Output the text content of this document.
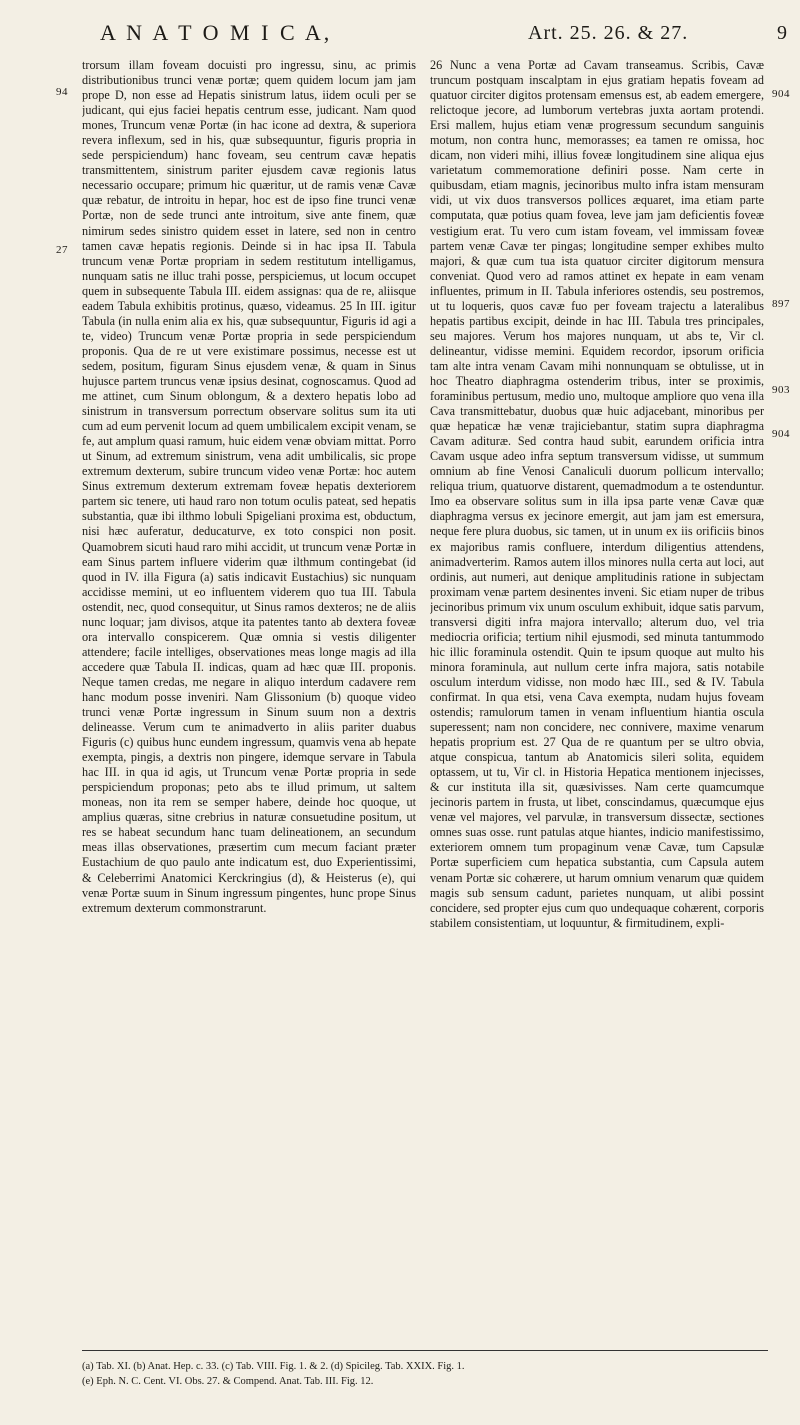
A N A T O M I C A,	Art. 25. 26. & 27.	9
94
27
904
897
903
904

trorsum illam foveam docuisti pro ingressu, sinu, ac primis distributionibus trunci venæ portæ; quem quidem locum jam jam prope D, non esse ad Hepatis sinistrum latus, iidem oculi per se judicant, qui ejus faciei hepatis centrum esse, judicant. Nam quod mones, Truncum venæ Portæ (in hac icone ad dextra, & superiora revera inflexum, sed in his, quæ subsequuntur, figuris propria in sede perspiciendum) hanc foveam, seu centrum cavæ hepatis transmittentem, sinistrum pariter ejusdem cavæ regionis latus necessario occupare; primum hic quæritur, ut de ramis venæ Cavæ quæ rebatur, de introitu in hepar, hoc est de ipso fine trunci venæ Portæ, non de sede trunci ante introitum, sive ante finem, quæ nimirum sedes sinistro quidem esset in latere, sed non in centro tamen cavæ hepatis regionis. Deinde si in hac ipsa II. Tabula truncum venæ Portæ propriam in sedem restitutum intelligamus, nunquam satis ne illuc trahi posse, perspiciemus, ut locum occupet quem in subsequente Tabula III. eidem assignas: qua de re, aliisque eadem Tabula exhibitis protinus, quæso, videamus. 25 In III. igitur Tabula (in nulla enim alia ex his, quæ subsequuntur, Figuris id agi a te, video) Truncum venæ Portæ propria in sede perspiciendum proponis. Qua de re ut vere existimare possimus, necesse est ut sedem, positum, figuram Sinus ejusdem venæ, & quam in Sinus hujusce partem truncus venæ ipsius desinat, cognoscamus. Quod ad me attinet, cum Sinum oblongum, & a dextero hepatis lobo ad sinistrum in transversum porrectum observare solitus sum ita uti cum ad eum pervenit locum ad quem umbilicalem excipit venam, se fe, aut amplum quasi ramum, huic eidem venæ obviam mittat. Porro ut Sinum, ad extremum sinistrum, vena adit umbilicalis, sic prope extremum dexterum, subire truncum video venæ Portæ: hoc autem Sinus extremum dexterum extremam foveæ hepatis dexteriorem partem sic tenere, uti haud raro non totum oculis pateat, sed hepatis substantia, quæ ibi ilthmo lobuli Spigeliani proxima est, obductum, nisi hæc auferatur, deducaturve, ex toto conspici non posit. Quamobrem sicuti haud raro mihi accidit, ut truncum venæ Portæ in eam Sinus partem influere viderim quæ ilthmum contingebat (id quod in IV. illa Figura (a) satis indicavit Eustachius) sic nunquam accidisse memini, ut eo influentem viderem quo tua III. Tabula ostendit, nec, quod consequitur, ut Sinus ramos dexteros; ne de aliis nunc loquar; jam divisos, atque ita patentes tanto ab dextera foveæ ora intervallo conspicerem. Quæ omnia si vestis diligenter attendere; facile intelliges, observationes meas longe magis ad illa accedere quæ Tabula II. indicas, quam ad hæc quæ III. proponis. Neque tamen credas, me negare in aliquo interdum cadavere rem hanc modum posse inveniri. Nam Glissonium (b) quoque video trunci venæ Portæ ingressum in Sinum suum non a dextris delineasse. Verum cum te animadverto in aliis pariter duabus Figuris (c) quibus hunc eundem ingressum, quamvis vena ab hepate exempta, pingis, a dextris non pingere, idemque servare in Tabula hac III. in qua id agis, ut Truncum venæ Portæ propria in sede perspiciendum proponas; peto abs te illud primum, ut saltem moneas, non ita rem se semper habere, deinde hoc quoque, ut amplius quæras, sitne crebrius in naturæ consuetudine positum, ut res se habeat secundum hanc tuam delineationem, an secundum meas illas observationes, præsertim cum mecum faciant præter Eustachium de quo paulo ante indicatum est, duo Experientissimi, & Celeberrimi Anatomici Kerckringius (d), & Heisterus (e), qui venæ Portæ suum in Sinum ingressum pingentes, hunc prope Sinus extremum dexterum commonstrarunt.

26 Nunc a vena Portæ ad Cavam transeamus. Scribis, Cavæ truncum postquam inscalptam in ejus gratiam hepatis foveam ad quatuor circiter digitos protensam emensus est, ab eadem emergere, relictoque jecore, ad lumborum vertebras juxta aortam protendi. Ersi mallem, hujus etiam venæ progressum secundum sanguinis motum, non contra hunc, memorasses; ea tamen re omissa, hoc dicam, non videri mihi, illius foveæ longitudinem sine aliqua ejus varietatum commemoratione definiri posse. Nam certe in quibusdam, etiam magnis, jecinoribus multo infra istam mensuram vidi, ut vix duos transversos pollices æquaret, ima etiam parte computata, quæ potius quam fovea, leve jam jam deficientis foveæ vestigium erat. Tu vero cum istam foveam, vel immissam foveæ partem venæ Cavæ ter pingas; longitudine semper exhibes multo majori, & quæ cum tua ista quatuor circiter digitorum mensura conveniat. Quod vero ad ramos attinet ex hepate in eam venam influentes, primum in II. Tabula inferiores ostendis, seu postremos, ut tu loqueris, quos cavæ fuo per foveam trajectu a lateralibus hepatis partibus excipit, deinde in hac III. Tabula tres principales, seu majores. Verum hos majores nunquam, ut abs te, Vir cl. delineantur, vidisse memini. Equidem recordor, ipsorum orificia tam alte intra venam Cavam mihi nonnunquam se obtulisse, ut in hoc Theatro diaphragma ostenderim tribus, inter se proximis, foraminibus pertusum, medio uno, multoque ampliore quo vena illa Cava transmittebatur, duobus quæ huic adjacebant, minoribus per quæ hepaticæ hæ venæ trajiciebantur, statim supra diaphragma Cavam adituræ. Sed contra haud subit, earundem orificia intra Cavam usque adeo infra septum transversum vidisse, ut summum omnium ab fine Venosi Canaliculi duorum pollicum intervallo; reliqua trium, quatuorve distarent, quemadmodum a te ostenduntur. Imo ea observare solitus sum in illa ipsa parte venæ Cavæ quæ diaphragma versus ex jecinore emergit, aut jam jam est emersura, neque fere plura duobus, sic tamen, ut in unum ex iis orificiis binos ex majoribus ramis confluere, interdum diligentius attendens, animadverterim. Ramos autem illos minores nulla certa aut loci, aut ordinis, aut numeri, aut denique amplitudinis ratione in subjectam proximam venæ partem desinentes inveni. Sic etiam nuper de tribus jecinoribus primum vix unum osculum exhibuit, idque satis parvum, transversi digiti infra majora intervallo; alterum duo, vel tria mediocria orificia; tertium nihil ejusmodi, sed minuta tantummodo hic illic foraminula ostendit. Quin te ipsum quoque aut multo his minora foraminula, aut nullum certe infra majora, satis notabile osculum interdum vidisse, non modo hæc III., sed & IV. Tabula confirmat. In qua etsi, vena Cava exempta, nudam hujus foveam ostendis; ramulorum tamen in venam influentium hiantia oscula superessent; nam non concidere, nec connivere, maxime venarum hepatis proprium est. 27 Qua de re quantum per se ultro obvia, atque conspicua, tantum ab Anatomicis sileri solita, equidem optassem, ut tu, Vir cl. in Historia Hepatica mentionem injecisses, & cur instituta illa sit, quæsivisses. Nam certe quamcumque jecinoris partem in frusta, ut libet, conscindamus, quæcumque ejus venæ vel majores, vel parvulæ, in transversum dissectæ, sectiones omnes suas osse. runt patulas atque hiantes, indicio manifestissimo, exteriorem omnem tum propaginum venæ Cavæ, tum Capsulæ Portæ superficiem cum hepatica substantia, cum Capsula autem venam Portæ sic cohærere, ut harum omnium venarum quæ quidem magis sub sensum cadunt, parietes nunquam, ut alibi possint concidere, sed propter ejus cum quo undequaque cohærent, corporis stabilem consistentiam, ut loquuntur, & firmitudinem, expli-

(a) Tab. XI. (b) Anat. Hep. c. 33. (c) Tab. VIII. Fig. 1. & 2. (d) Spicileg. Tab. XXIX. Fig. 1.
(e) Eph. N. C. Cent. VI. Obs. 27. & Compend. Anat. Tab. III. Fig. 12.
